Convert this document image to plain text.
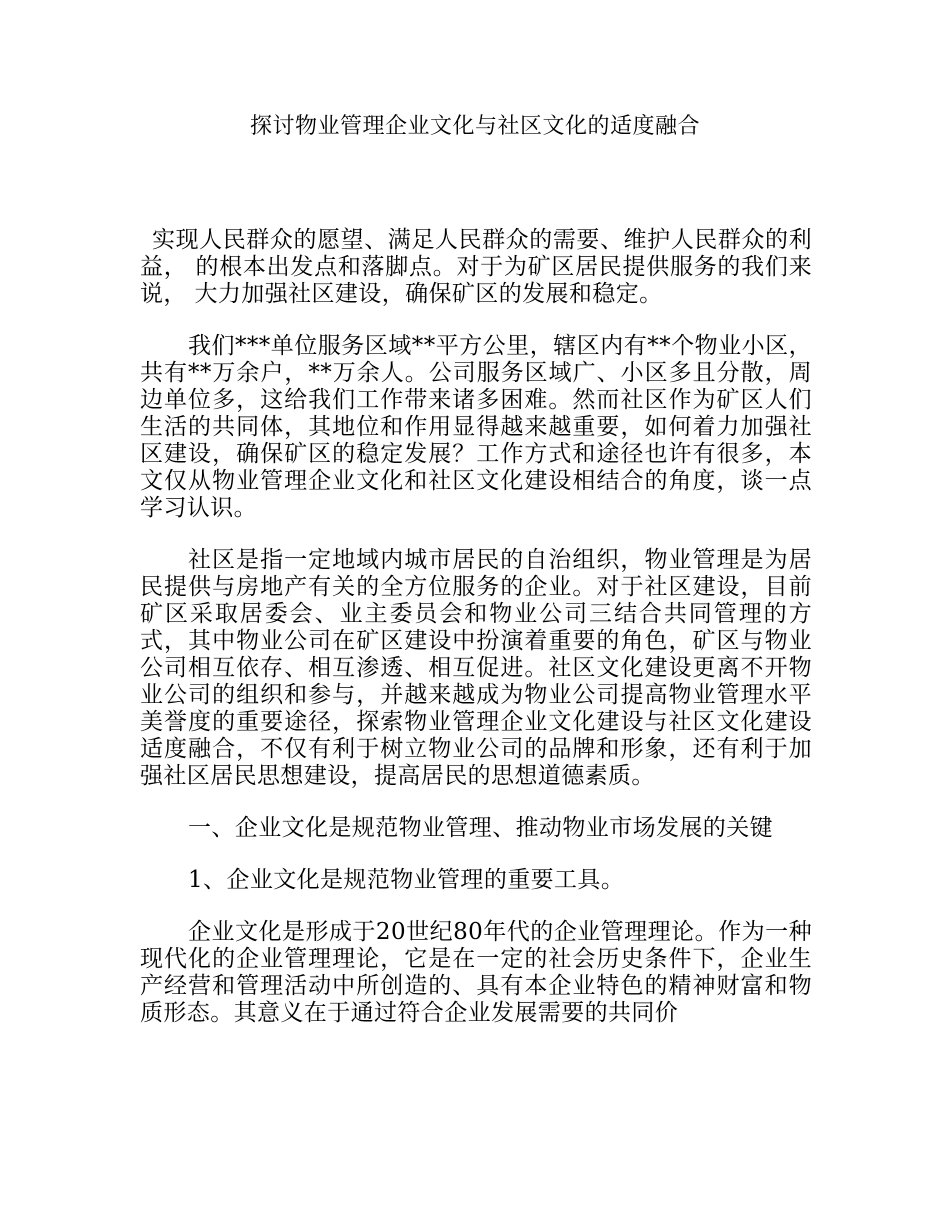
探讨物业管理企业文化与社区文化的适度融合

实现人民群众的愿望、满足人民群众的需要、维护人民群众的利益， 的根本出发点和落脚点。对于为矿区居民提供服务的我们来说， 大力加强社区建设，确保矿区的发展和稳定。

我们***单位服务区域**平方公里，辖区内有**个物业小区，共有**万余户，**万余人。公司服务区域广、小区多且分散，周边单位多，这给我们工作带来诸多困难。然而社区作为矿区人们生活的共同体，其地位和作用显得越来越重要，如何着力加强社区建设，确保矿区的稳定发展？工作方式和途径也许有很多，本文仅从物业管理企业文化和社区文化建设相结合的角度，谈一点学习认识。

社区是指一定地域内城市居民的自治组织，物业管理是为居民提供与房地产有关的全方位服务的企业。对于社区建设，目前矿区采取居委会、业主委员会和物业公司三结合共同管理的方式，其中物业公司在矿区建设中扮演着重要的角色，矿区与物业公司相互依存、相互渗透、相互促进。社区文化建设更离不开物业公司的组织和参与，并越来越成为物业公司提高物业管理水平美誉度的重要途径，探索物业管理企业文化建设与社区文化建设适度融合，不仅有利于树立物业公司的品牌和形象，还有利于加强社区居民思想建设，提高居民的思想道德素质。

一、企业文化是规范物业管理、推动物业市场发展的关键

1、企业文化是规范物业管理的重要工具。

企业文化是形成于20世纪80年代的企业管理理论。作为一种现代化的企业管理理论，它是在一定的社会历史条件下，企业生产经营和管理活动中所创造的、具有本企业特色的精神财富和物质形态。其意义在于通过符合企业发展需要的共同价
